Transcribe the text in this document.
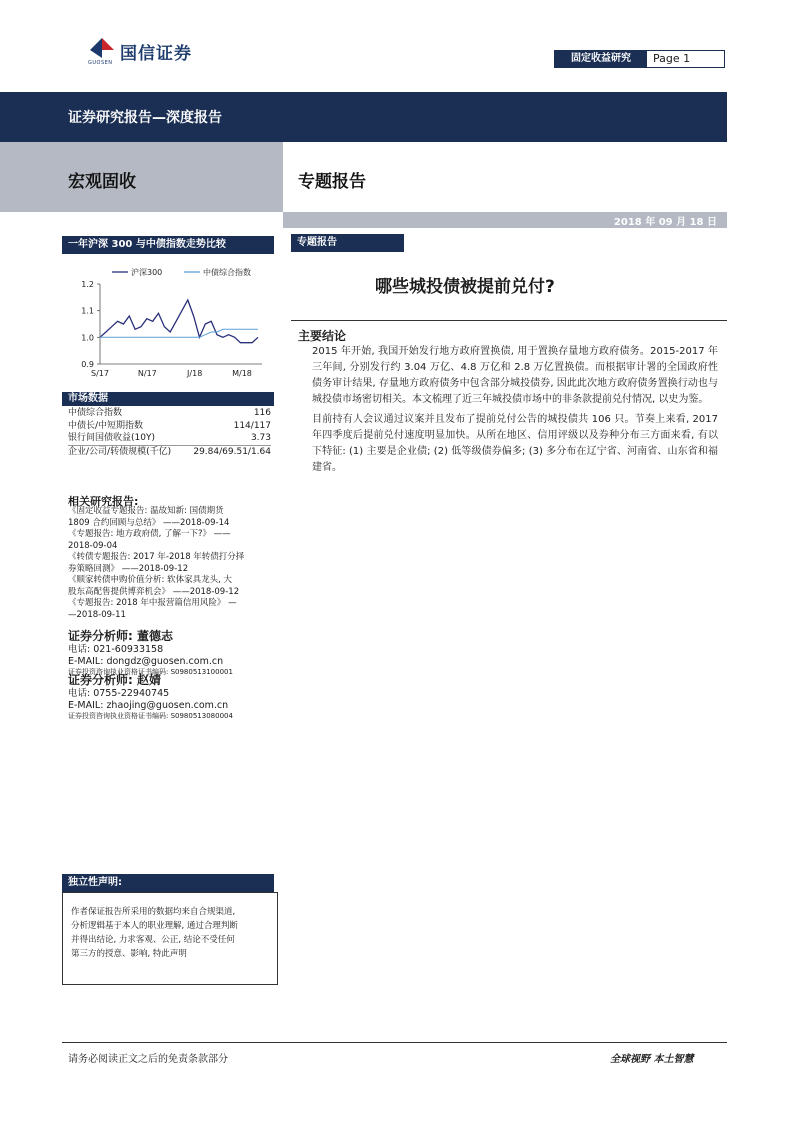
国信证券
GUOSEN	固定收益研究	Page 1
证券研究报告—深度报告
宏观固收	专题报告
2018 年 09 月 18 日
一年沪深 300 与中债指数走势比较
1.2
1.1
1.0
0.9
S/17	N/17	J/18	M/18
沪深300	中债综合指数
市场数据
中债综合指数	116
中债长/中短期指数	114/117
银行间国债收益(10Y)	3.73
企业/公司/转债规模(千亿) 29.84/69.51/1.64
相关研究报告:
《固定收益专题报告: 温故知新: 国债期货
1809 合约回顾与总结》 ——2018-09-14
《专题报告: 地方政府债, 了解一下?》 ——
2018-09-04
《转债专题报告: 2017 年-2018 年转债打分择
券策略回测》 ——2018-09-12
《顺家转债申购价值分析: 软体家具龙头, 大
股东高配售提供博弈机会》 ——2018-09-12
《专题报告: 2018 年中报营篇信用风险》 —
—2018-09-11
证券分析师: 董德志
电话: 021-60933158
E-MAIL: dongdz@guosen.com.cn
证券投资咨询执业资格证书编码: S0980513100001
证券分析师: 赵婧
电话: 0755-22940745
E-MAIL: zhaojing@guosen.com.cn
证券投资咨询执业资格证书编码: S0980513080004
独立性声明:
作者保证报告所采用的数据均来自合规渠道,
分析逻辑基于本人的职业理解, 通过合理判断
并得出结论, 力求客观、公正, 结论不受任何
第三方的授意、影响, 特此声明
专题报告
哪些城投债被提前兑付?
主要结论

2015 年开始, 我国开始发行地方政府置换债, 用于置换存量地方政府债务。2015-2017 年三年间, 分别发行约 3.04 万亿、4.8 万亿和 2.8 万亿置换债。而根据审计署的全国政府性债务审计结果, 存量地方政府债务中包含部分城投债券, 因此此次地方政府债务置换行动也与城投债市场密切相关。本文梳理了近三年城投债市场中的非条款提前兑付情况, 以史为鉴。

目前持有人会议通过议案并且发布了提前兑付公告的城投债共 106 只。节奏上来看, 2017 年四季度后提前兑付速度明显加快。从所在地区、信用评级以及券种分布三方面来看, 有以下特征: (1) 主要是企业债; (2) 低等级债券偏多; (3) 多分布在辽宁省、河南省、山东省和福建省。

请务必阅读正文之后的免责条款部分	全球视野 本土智慧
